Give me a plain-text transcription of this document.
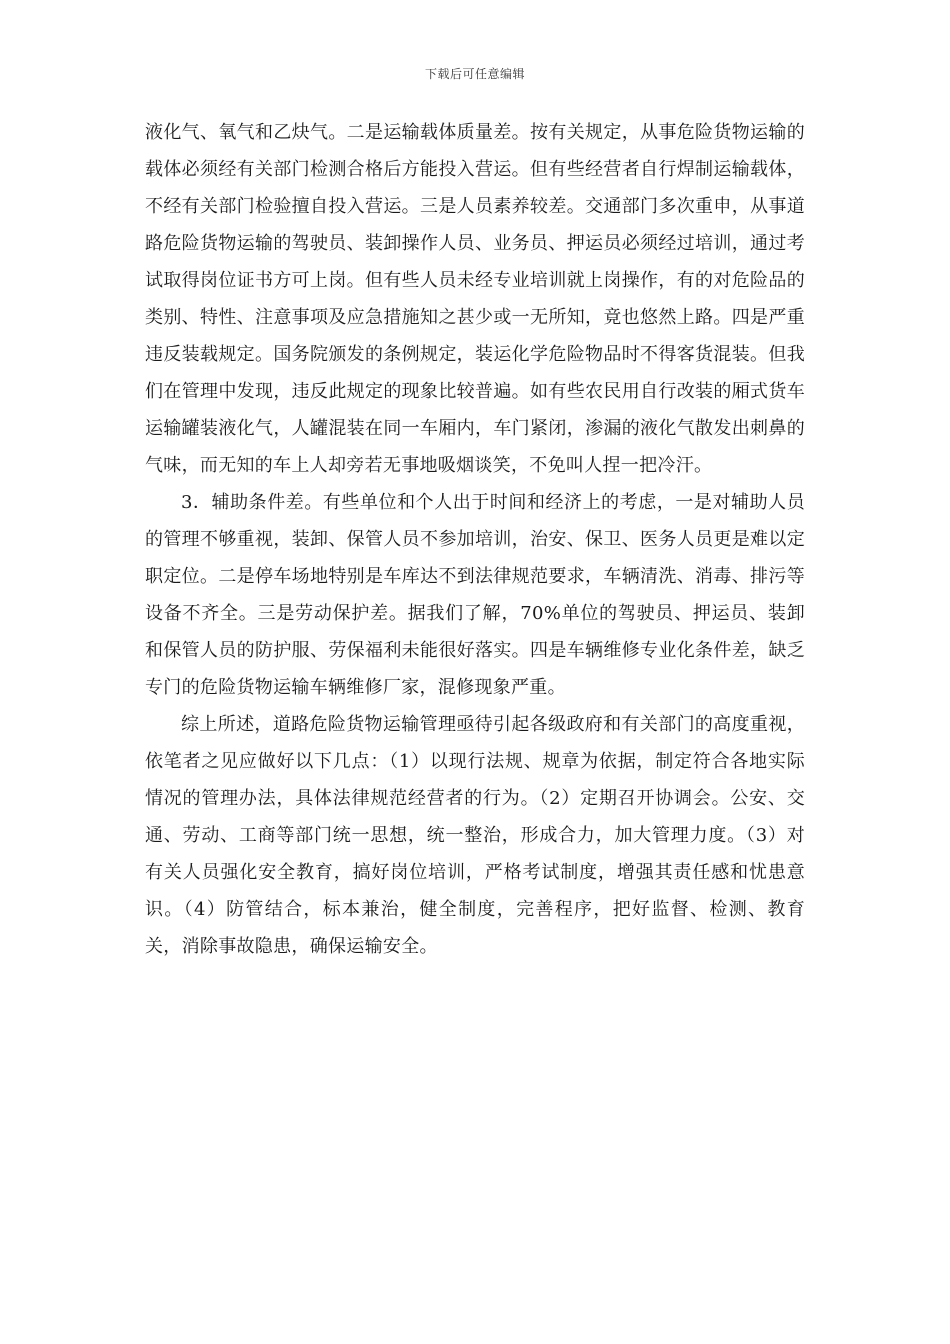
下载后可任意编辑

液化气、氧气和乙炔气。二是运输载体质量差。按有关规定，从事危险货物运输的载体必须经有关部门检测合格后方能投入营运。但有些经营者自行焊制运输载体，不经有关部门检验擅自投入营运。三是人员素养较差。交通部门多次重申，从事道路危险货物运输的驾驶员、装卸操作人员、业务员、押运员必须经过培训，通过考试取得岗位证书方可上岗。但有些人员未经专业培训就上岗操作，有的对危险品的类别、特性、注意事项及应急措施知之甚少或一无所知，竟也悠然上路。四是严重违反装载规定。国务院颁发的条例规定，装运化学危险物品时不得客货混装。但我们在管理中发现，违反此规定的现象比较普遍。如有些农民用自行改装的厢式货车运输罐装液化气，人罐混装在同一车厢内，车门紧闭，渗漏的液化气散发出刺鼻的气味，而无知的车上人却旁若无事地吸烟谈笑，不免叫人捏一把冷汗。

3．辅助条件差。有些单位和个人出于时间和经济上的考虑，一是对辅助人员的管理不够重视，装卸、保管人员不参加培训，治安、保卫、医务人员更是难以定职定位。二是停车场地特别是车库达不到法律规范要求，车辆清洗、消毒、排污等设备不齐全。三是劳动保护差。据我们了解，70%单位的驾驶员、押运员、装卸和保管人员的防护服、劳保福利未能很好落实。四是车辆维修专业化条件差，缺乏专门的危险货物运输车辆维修厂家，混修现象严重。

综上所述，道路危险货物运输管理亟待引起各级政府和有关部门的高度重视，依笔者之见应做好以下几点：（1）以现行法规、规章为依据，制定符合各地实际情况的管理办法，具体法律规范经营者的行为。（2）定期召开协调会。公安、交通、劳动、工商等部门统一思想，统一整治，形成合力，加大管理力度。（3）对有关人员强化安全教育，搞好岗位培训，严格考试制度，增强其责任感和忧患意识。（4）防管结合，标本兼治，健全制度，完善程序，把好监督、检测、教育关，消除事故隐患，确保运输安全。
